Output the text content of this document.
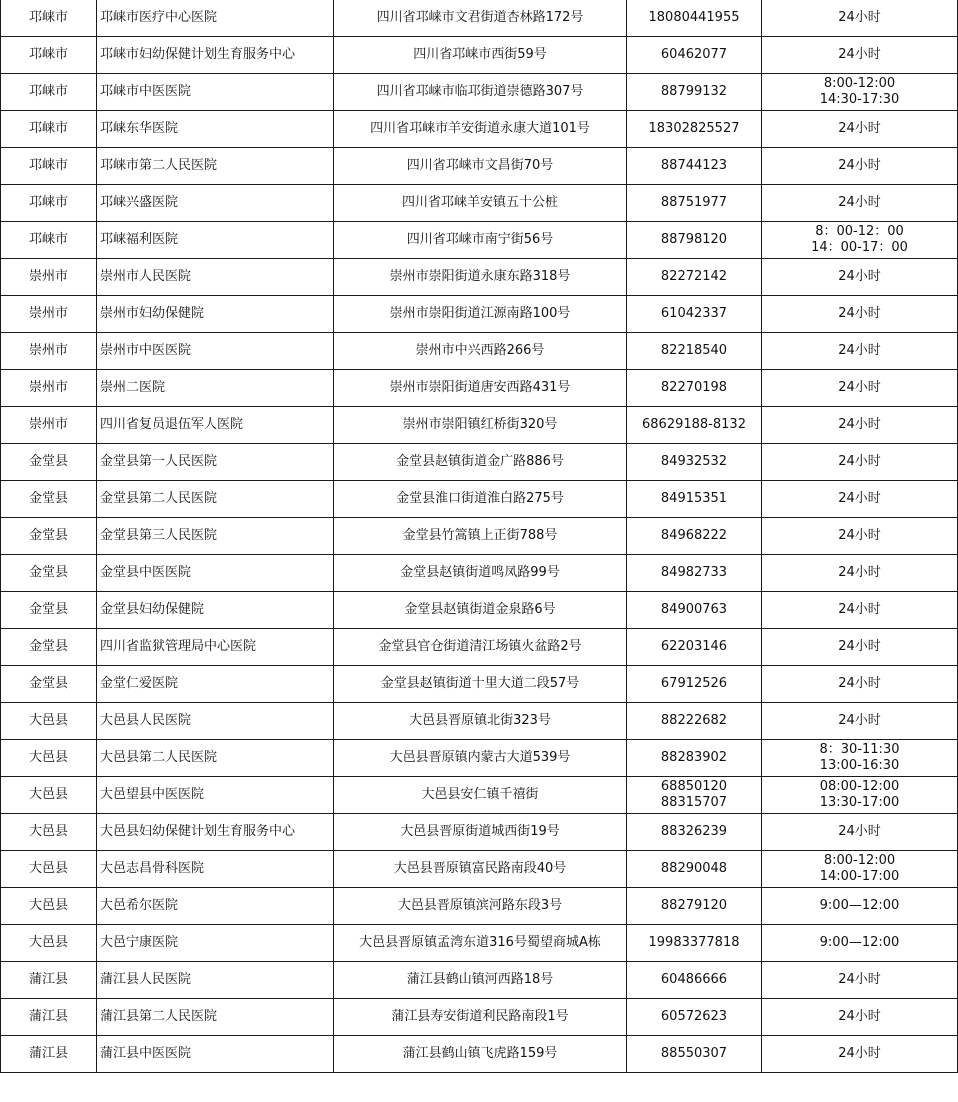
邛崃市	邛崃市医疗中心医院	四川省邛崃市文君街道杏林路172号	18080441955	24小时

邛崃市	邛崃市妇幼保健计划生育服务中心	四川省邛崃市西街59号	60462077	24小时

邛崃市	邛崃市中医医院	四川省邛崃市临邛街道崇德路307号	88799132	8:00-12:00
14:30-17:30

邛崃市	邛崃东华医院	四川省邛崃市羊安街道永康大道101号	18302825527	24小时

邛崃市	邛崃市第二人民医院	四川省邛崃市文昌街70号	88744123	24小时

邛崃市	邛崃兴盛医院	四川省邛崃羊安镇五十公桩	88751977	24小时

邛崃市	邛崃福利医院	四川省邛崃市南宁街56号	88798120	8：00-12：00
14：00-17：00

崇州市	崇州市人民医院	崇州市崇阳街道永康东路318号	82272142	24小时

崇州市	崇州市妇幼保健院	崇州市崇阳街道江源南路100号	61042337	24小时

崇州市	崇州市中医医院	崇州市中兴西路266号	82218540	24小时

崇州市	崇州二医院	崇州市崇阳街道唐安西路431号	82270198	24小时

崇州市	四川省复员退伍军人医院	崇州市崇阳镇红桥街320号	68629188-8132	24小时

金堂县	金堂县第一人民医院	金堂县赵镇街道金广路886号	84932532	24小时

金堂县	金堂县第二人民医院	金堂县淮口街道淮白路275号	84915351	24小时

金堂县	金堂县第三人民医院	金堂县竹篙镇上正街788号	84968222	24小时

金堂县	金堂县中医医院	金堂县赵镇街道鸣凤路99号	84982733	24小时

金堂县	金堂县妇幼保健院	金堂县赵镇街道金泉路6号	84900763	24小时

金堂县	四川省监狱管理局中心医院	金堂县官仓街道清江场镇火盆路2号	62203146	24小时

金堂县	金堂仁爱医院	金堂县赵镇街道十里大道二段57号	67912526	24小时

大邑县	大邑县人民医院	大邑县晋原镇北街323号	88222682	24小时

大邑县	大邑县第二人民医院	大邑县晋原镇内蒙古大道539号	88283902	8：30-11:30
13:00-16:30

大邑县	大邑望县中医医院	大邑县安仁镇千禧街	68850120
88315707	08:00-12:00
13:30-17:00

大邑县	大邑县妇幼保健计划生育服务中心	大邑县晋原街道城西街19号	88326239	24小时

大邑县	大邑志昌骨科医院	大邑县晋原镇富民路南段40号	88290048	8:00-12:00
14:00-17:00

大邑县	大邑希尔医院	大邑县晋原镇滨河路东段3号	88279120	9:00—12:00

大邑县	大邑宁康医院	大邑县晋原镇孟湾东道316号蜀望商城A栋	19983377818	9:00—12:00

蒲江县	蒲江县人民医院	蒲江县鹤山镇河西路18号	60486666	24小时

蒲江县	蒲江县第二人民医院	蒲江县寿安街道利民路南段1号	60572623	24小时

蒲江县	蒲江县中医医院	蒲江县鹤山镇飞虎路159号	88550307	24小时
